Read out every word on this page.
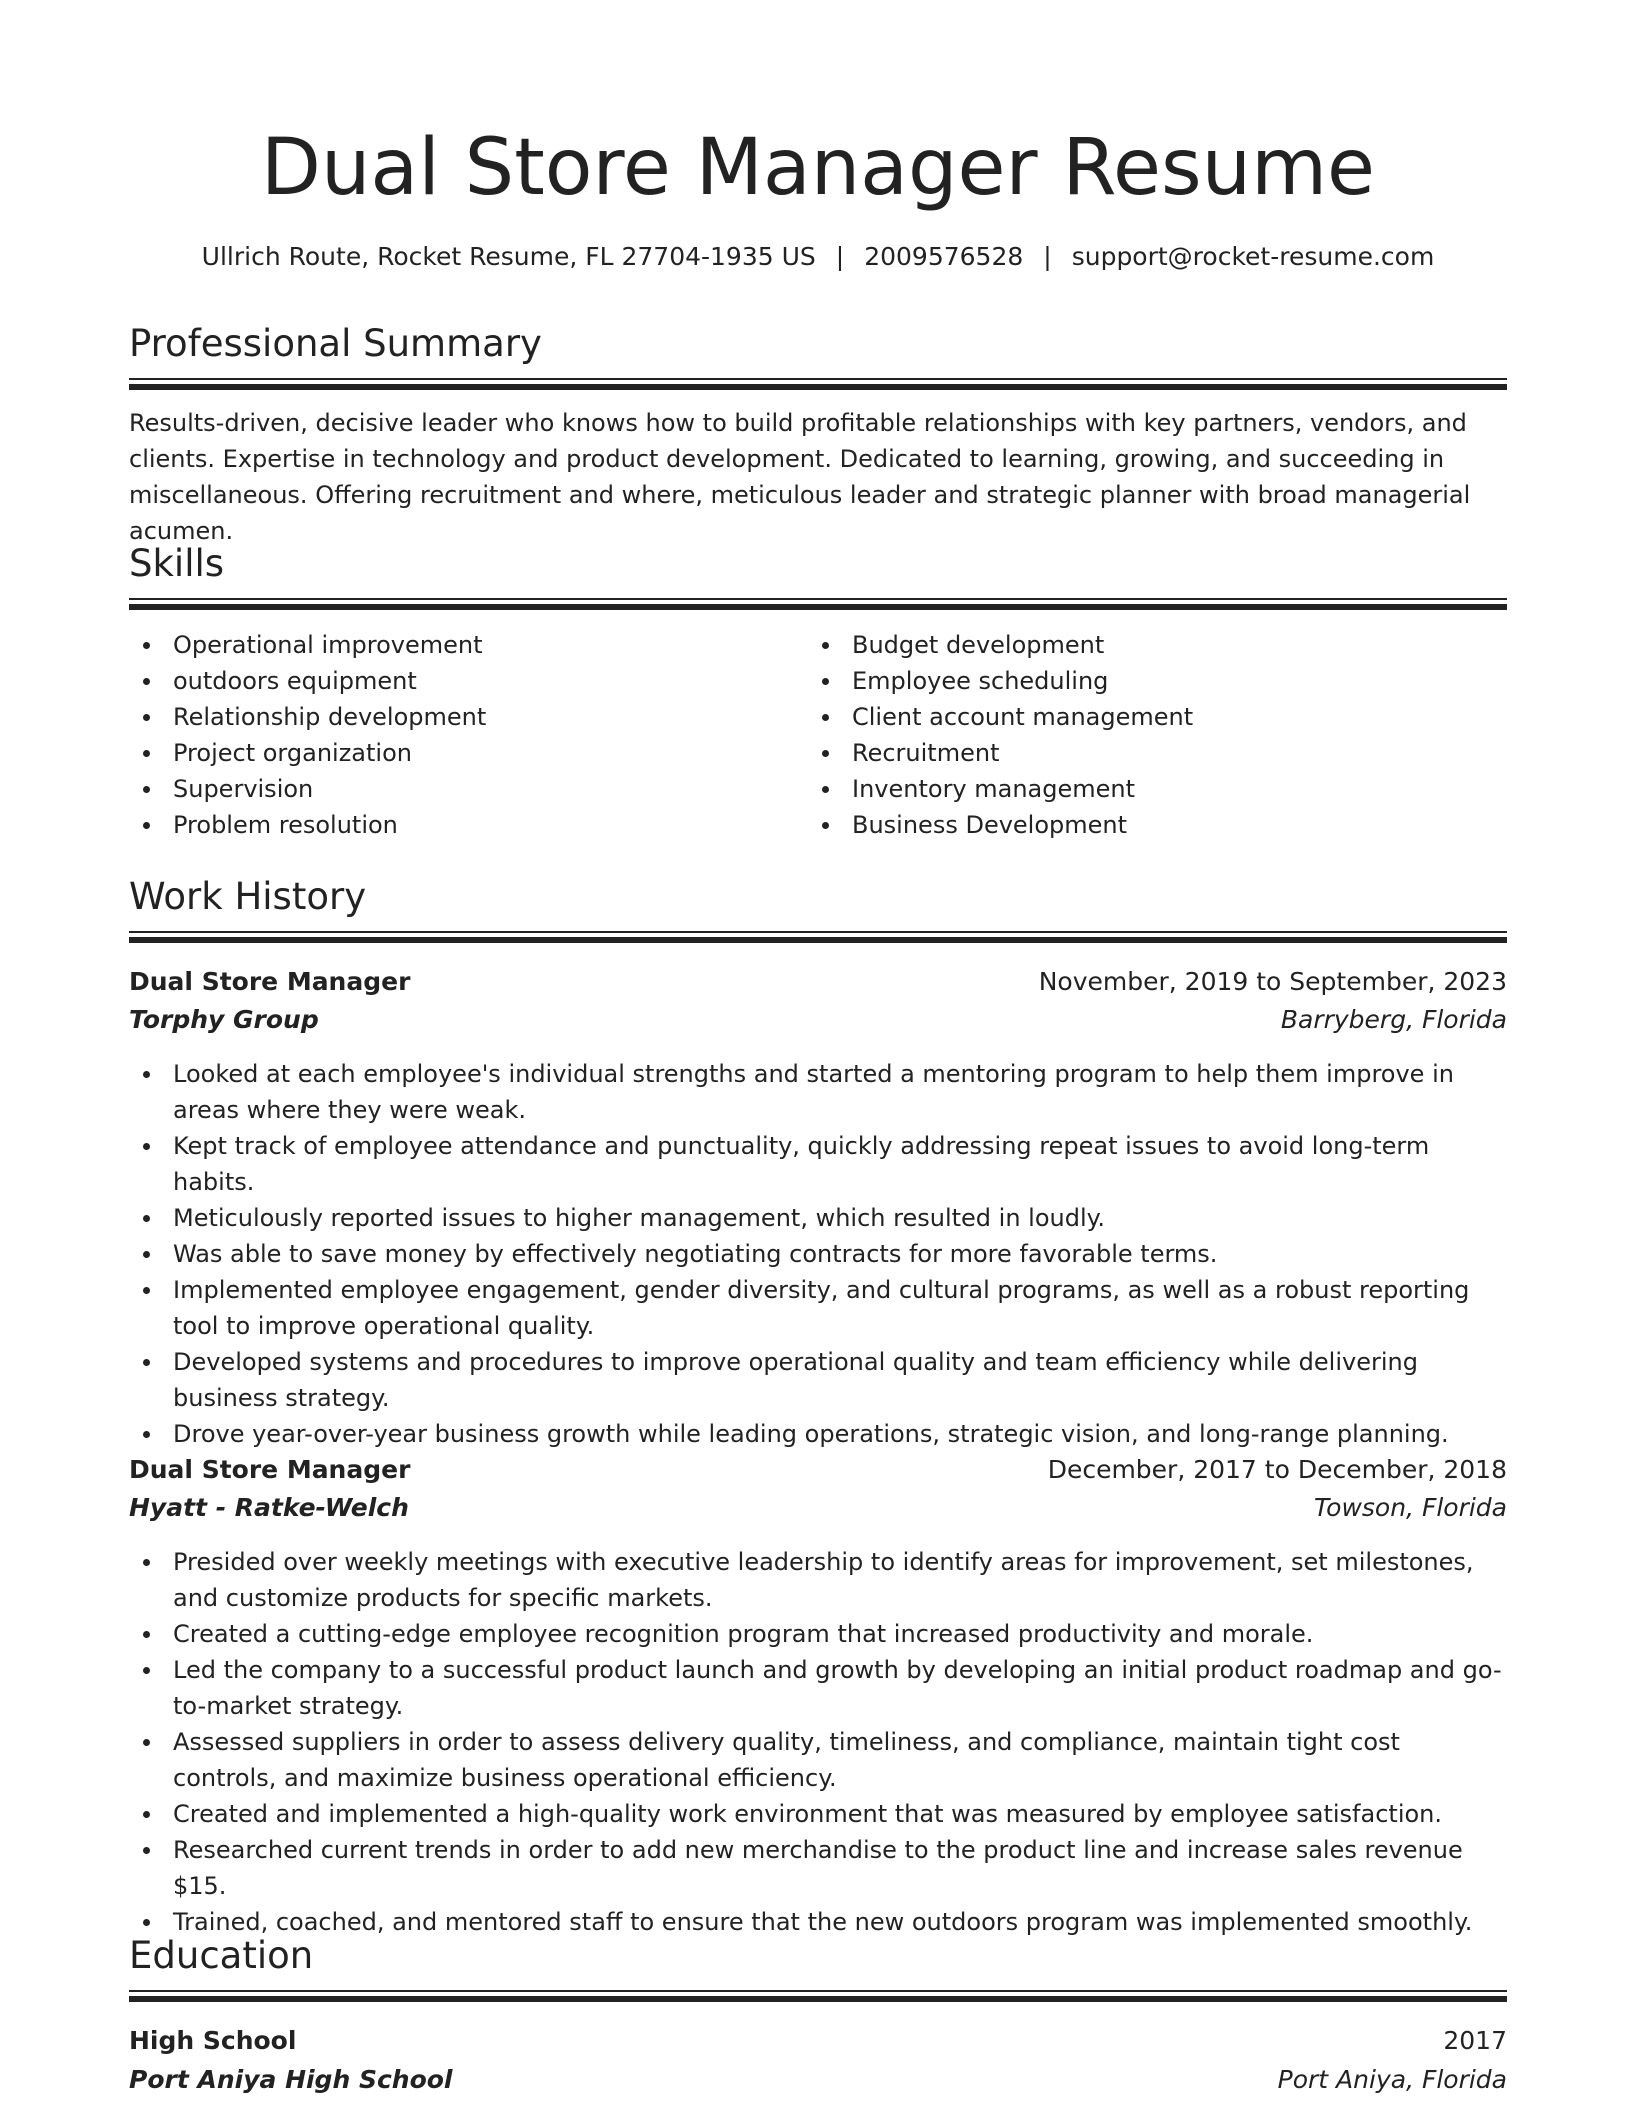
Dual Store Manager Resume
Ullrich Route, Rocket Resume, FL 27704-1935 US | 2009576528 | support@rocket-resume.com
Professional Summary

Results-driven, decisive leader who knows how to build profitable relationships with key partners, vendors, and clients. Expertise in technology and product development. Dedicated to learning, growing, and succeeding in miscellaneous. Offering recruitment and where, meticulous leader and strategic planner with broad managerial acumen.

Skills
Operational improvement
outdoors equipment
Relationship development
Project organization
Supervision
Problem resolution
Budget development
Employee scheduling
Client account management
Recruitment
Inventory management
Business Development
Work History
Dual Store Manager	November, 2019 to September, 2023
Torphy Group	Barryberg, Florida
Looked at each employee's individual strengths and started a mentoring program to help them improve in areas where they were weak.
Kept track of employee attendance and punctuality, quickly addressing repeat issues to avoid long-term habits.
Meticulously reported issues to higher management, which resulted in loudly.
Was able to save money by effectively negotiating contracts for more favorable terms.
Implemented employee engagement, gender diversity, and cultural programs, as well as a robust reporting tool to improve operational quality.
Developed systems and procedures to improve operational quality and team efficiency while delivering business strategy.
Drove year-over-year business growth while leading operations, strategic vision, and long-range planning.
Dual Store Manager	December, 2017 to December, 2018
Hyatt - Ratke-Welch	Towson, Florida
Presided over weekly meetings with executive leadership to identify areas for improvement, set milestones, and customize products for specific markets.
Created a cutting-edge employee recognition program that increased productivity and morale.
Led the company to a successful product launch and growth by developing an initial product roadmap and go-to-market strategy.
Assessed suppliers in order to assess delivery quality, timeliness, and compliance, maintain tight cost controls, and maximize business operational efficiency.
Created and implemented a high-quality work environment that was measured by employee satisfaction.
Researched current trends in order to add new merchandise to the product line and increase sales revenue $15.
Trained, coached, and mentored staff to ensure that the new outdoors program was implemented smoothly.
Education
High School	2017
Port Aniya High School	Port Aniya, Florida
